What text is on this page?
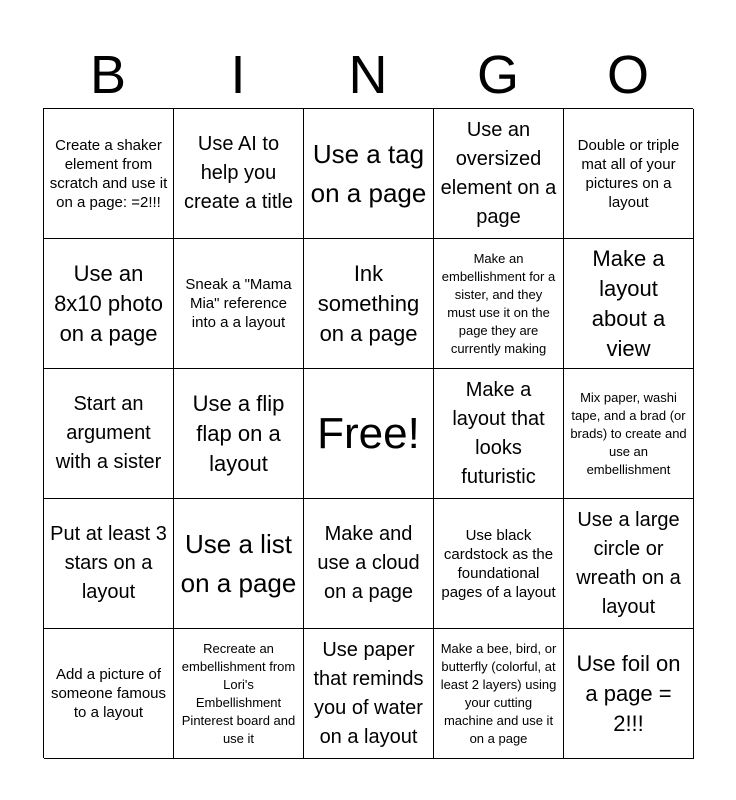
B	I	N	G	O
Create a shaker element from scratch and use it on a page: =2!!!
Use AI to help you create a title
Use a tag on a page
Use an oversized element on a page
Double or triple mat all of your pictures on a layout
Use an 8x10 photo on a page
Sneak a "Mama Mia" reference into a a layout
Ink something on a page
Make an embellishment for a sister, and they must use it on the page they are currently making
Make a layout about a view
Start an argument with a sister
Use a flip flap on a layout
Free!
Make a layout that looks futuristic
Mix paper, washi tape, and a brad (or brads) to create and use an embellishment
Put at least 3 stars on a layout
Use a list on a page
Make and use a cloud on a page
Use black cardstock as the foundational pages of a layout
Use a large circle or wreath on a layout
Add a picture of someone famous to a layout
Recreate an embellishment from Lori's Embellishment Pinterest board and use it
Use paper that reminds you of water on a layout
Make a bee, bird, or butterfly (colorful, at least 2 layers) using your cutting machine and use it on a page
Use foil on a page = 2!!!
